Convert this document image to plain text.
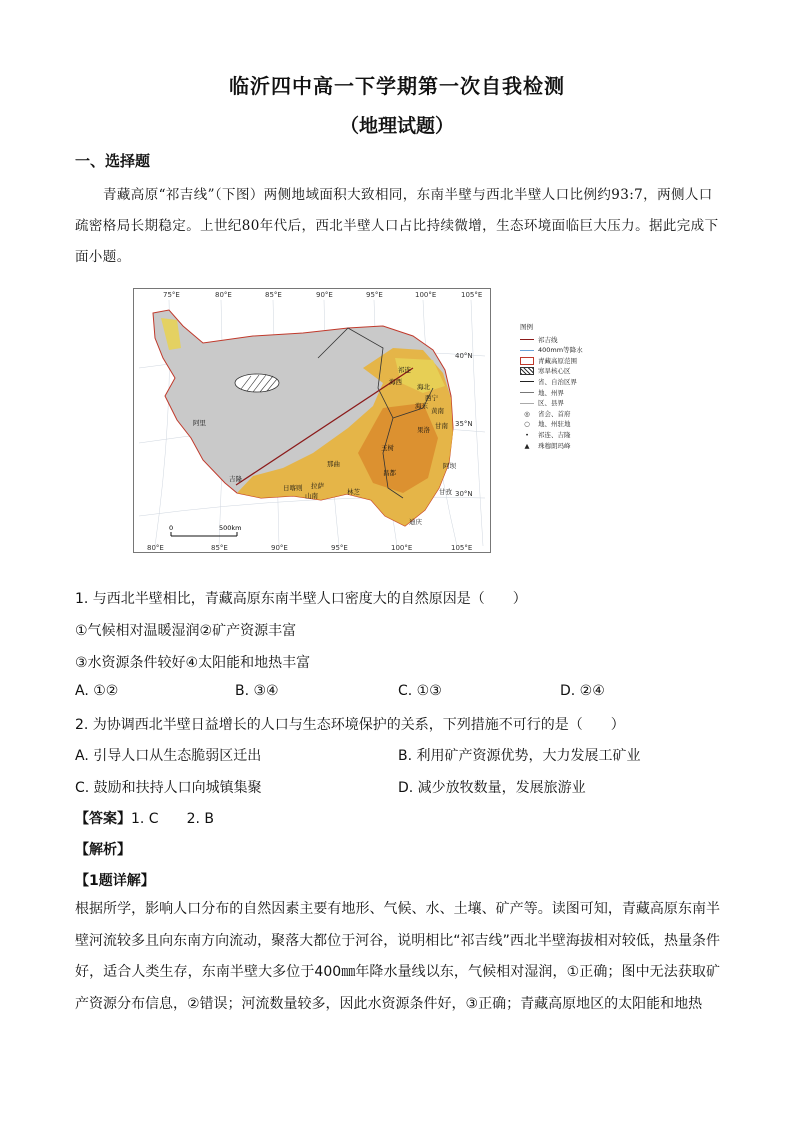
临沂四中高一下学期第一次自我检测
（地理试题）
一、选择题
青藏高原“祁吉线”（下图）两侧地域面积大致相同，东南半壁与西北半壁人口比例约93:7，两侧人口疏密格局长期稳定。上世纪80年代后，西北半壁人口占比持续微增，生态环境面临巨大压力。据此完成下面小题。
75°E	80°E	85°E	90°E	95°E	100°E	105°E
80°E	85°E	90°E	95°E	100°E	105°E
40°N
35°N
30°N
海西
祁连
海北
西宁
海东
黄南
阿里
果洛 甘南
玉树
阿坝
那曲
昌都
甘孜
吉隆
日喀则 拉萨
山南	林芝
迪庆
0	500km
图例
祁吉线
400mm等降水
青藏高原范围
寒旱核心区
省、自治区界
地、州界
区、县界
◎ 省会、首府
○ 地、州驻地
• 祁连、吉隆
▲ 珠穆朗玛峰
1. 与西北半壁相比，青藏高原东南半壁人口密度大的自然原因是（　　）
①气候相对温暖湿润②矿产资源丰富
③水资源条件较好④太阳能和地热丰富
A. ①②	B. ③④	C. ①③	D. ②④
2. 为协调西北半壁日益增长的人口与生态环境保护的关系，下列措施不可行的是（　　）
A. 引导人口从生态脆弱区迁出	B. 利用矿产资源优势，大力发展工矿业
C. 鼓励和扶持人口向城镇集聚	D. 减少放牧数量，发展旅游业
【答案】1. C　　2. B
【解析】
【1题详解】
根据所学，影响人口分布的自然因素主要有地形、气候、水、土壤、矿产等。读图可知，青藏高原东南半壁河流较多且向东南方向流动，聚落大都位于河谷，说明相比“祁吉线”西北半壁海拔相对较低，热量条件好，适合人类生存，东南半壁大多位于400㎜年降水量线以东，气候相对湿润，①正确；图中无法获取矿产资源分布信息，②错误；河流数量较多，因此水资源条件好，③正确；青藏高原地区的太阳能和地热
